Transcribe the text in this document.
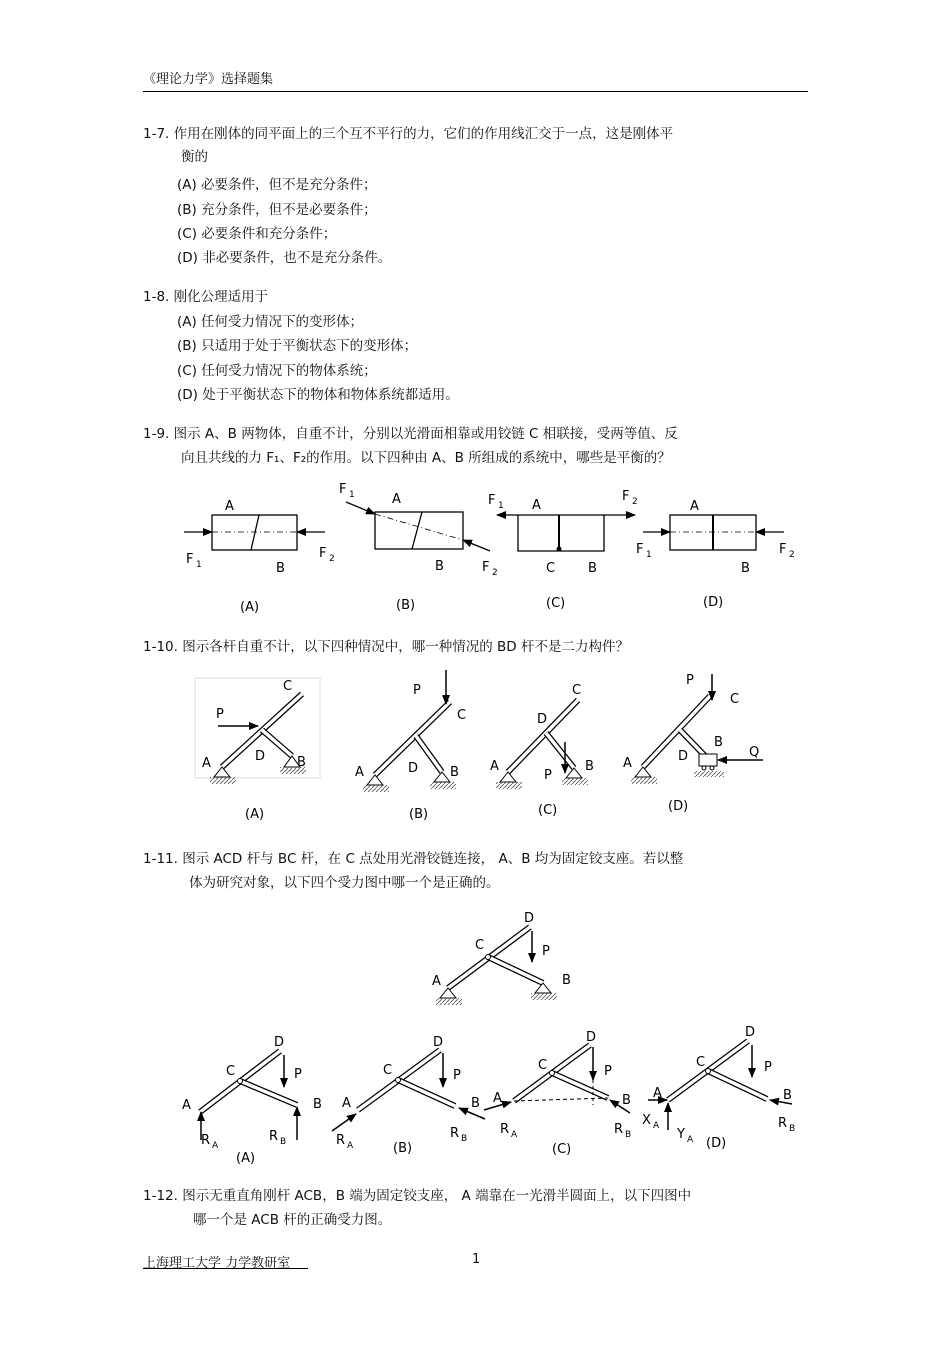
《理论力学》选择题集
1-7. 作用在刚体的同平面上的三个互不平行的力，它们的作用线汇交于一点，这是刚体平
衡的
(A) 必要条件，但不是充分条件；
(B) 充分条件，但不是必要条件；
(C) 必要条件和充分条件；
(D) 非必要条件，也不是充分条件。
1-8. 刚化公理适用于
(A) 任何受力情况下的变形体；
(B) 只适用于处于平衡状态下的变形体；
(C) 任何受力情况下的物体系统；
(D) 处于平衡状态下的物体和物体系统都适用。
1-9. 图示 A、B 两物体，自重不计，分别以光滑面相靠或用铰链 C 相联接，受两等值、反
向且共线的力 F₁、F₂的作用。以下四种由 A、B 所组成的系统中，哪些是平衡的？
A
B
F 1
F 2
(A)
F 1	A
B	F 2
(B)
F 1 A
F 2
C	B
(C)
A
B
F 1	F 2
(D)
1-10. 图示各杆自重不计，以下四种情况中，哪一种情况的 BD 杆不是二力构件？
P
C
A	D B
(A)
P
C
A	D B
(B)
C
D
A
P
B
(C)
P
C
A	D
B
Q
(D)
1-11. 图示 ACD 杆与 BC 杆，在 C 点处用光滑铰链连接， A、B 均为固定铰支座。若以整
体为研究对象，以下四个受力图中哪一个是正确的。
D
C	P
A	B
D
C	P
A	B
R A
R B
(A)
D
C	P
A	B
R A
R B
(B)
D
C	P
A	B
R A	R B
(C)
D
C	P
A	B
X A
Y A
R B
(D)
1-12. 图示无重直角刚杆 ACB，B 端为固定铰支座， A 端靠在一光滑半圆面上，以下四图中
哪一个是 ACB 杆的正确受力图。
上海理工大学 力学教研室	1
